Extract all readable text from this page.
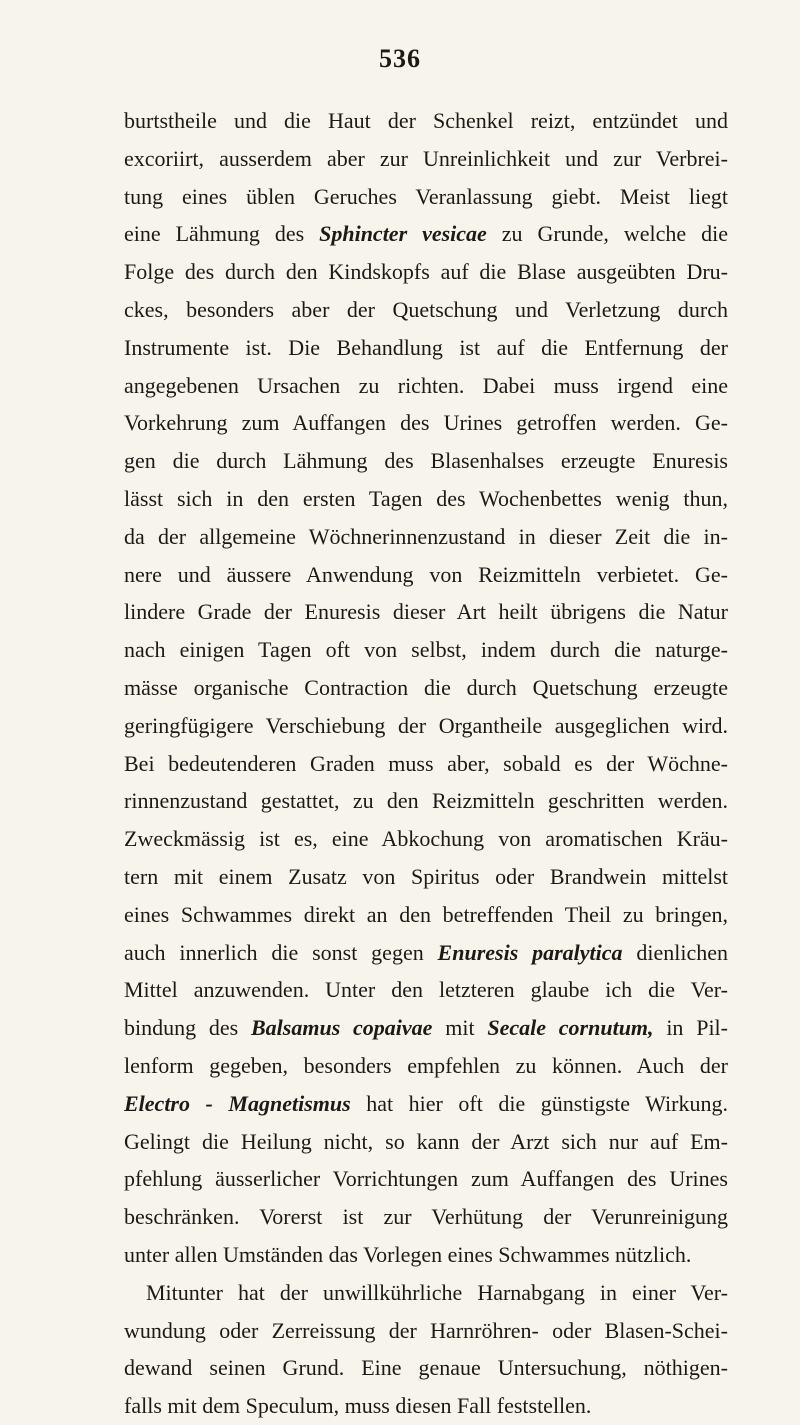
536
burtstheile und die Haut der Schenkel reizt, entzündet und
excoriirt, ausserdem aber zur Unreinlichkeit und zur Verbrei-
tung eines üblen Geruches Veranlassung giebt. Meist liegt
eine Lähmung des Sphincter vesicae zu Grunde, welche die
Folge des durch den Kindskopfs auf die Blase ausgeübten Dru-
ckes, besonders aber der Quetschung und Verletzung durch
Instrumente ist. Die Behandlung ist auf die Entfernung der
angegebenen Ursachen zu richten. Dabei muss irgend eine
Vorkehrung zum Auffangen des Urines getroffen werden. Ge-
gen die durch Lähmung des Blasenhalses erzeugte Enuresis
lässt sich in den ersten Tagen des Wochenbettes wenig thun,
da der allgemeine Wöchnerinnenzustand in dieser Zeit die in-
nere und äussere Anwendung von Reizmitteln verbietet. Ge-
lindere Grade der Enuresis dieser Art heilt übrigens die Natur
nach einigen Tagen oft von selbst, indem durch die naturge-
mässe organische Contraction die durch Quetschung erzeugte
geringfügigere Verschiebung der Organtheile ausgeglichen wird.
Bei bedeutenderen Graden muss aber, sobald es der Wöchne-
rinnenzustand gestattet, zu den Reizmitteln geschritten werden.
Zweckmässig ist es, eine Abkochung von aromatischen Kräu-
tern mit einem Zusatz von Spiritus oder Brandwein mittelst
eines Schwammes direkt an den betreffenden Theil zu bringen,
auch innerlich die sonst gegen Enuresis paralytica dienlichen
Mittel anzuwenden. Unter den letzteren glaube ich die Ver-
bindung des Balsamus copaivae mit Secale cornutum, in Pil-
lenform gegeben, besonders empfehlen zu können. Auch der
Electro - Magnetismus hat hier oft die günstigste Wirkung.
Gelingt die Heilung nicht, so kann der Arzt sich nur auf Em-
pfehlung äusserlicher Vorrichtungen zum Auffangen des Urines
beschränken. Vorerst ist zur Verhütung der Verunreinigung
unter allen Umständen das Vorlegen eines Schwammes nützlich.
Mitunter hat der unwillkührliche Harnabgang in einer Ver-
wundung oder Zerreissung der Harnröhren- oder Blasen-Schei-
dewand seinen Grund. Eine genaue Untersuchung, nöthigen-
falls mit dem Speculum, muss diesen Fall feststellen.
